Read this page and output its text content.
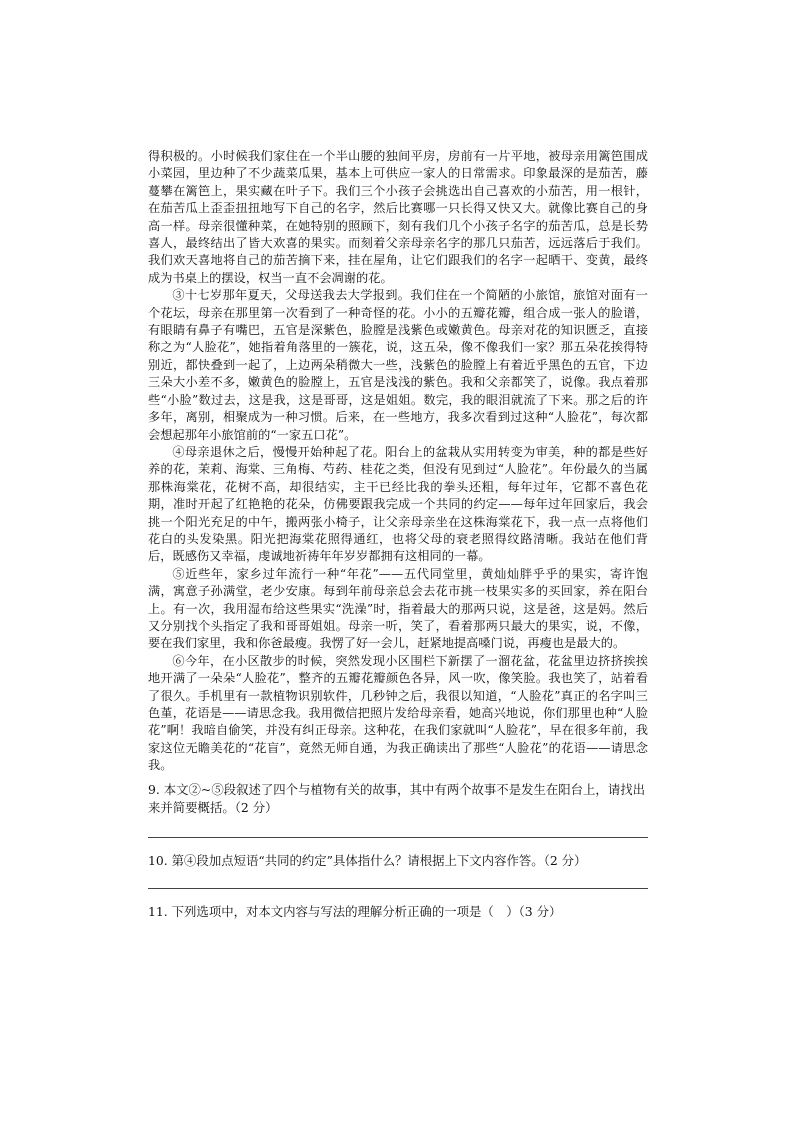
得积极的。小时候我们家住在一个半山腰的独间平房，房前有一片平地，被母亲用篱笆围成小菜园，里边种了不少蔬菜瓜果，基本上可供应一家人的日常需求。印象最深的是茄苦，藤蔓攀在篱笆上，果实藏在叶子下。我们三个小孩子会挑选出自己喜欢的小茄苦，用一根针，在茄苦瓜上歪歪扭扭地写下自己的名字，然后比赛哪一只长得又快又大。就像比赛自己的身高一样。母亲很懂种菜，在她特别的照顾下，刻有我们几个小孩子名字的茄苦瓜，总是长势喜人，最终结出了皆大欢喜的果实。而刻着父亲母亲名字的那几只茄苦，远远落后于我们。我们欢天喜地将自己的茄苦摘下来，挂在屋角，让它们跟我们的名字一起晒干、变黄，最终成为书桌上的摆设，权当一直不会凋谢的花。

③十七岁那年夏天，父母送我去大学报到。我们住在一个简陋的小旅馆，旅馆对面有一个花坛，母亲在那里第一次看到了一种奇怪的花。小小的五瓣花瓣，组合成一张人的脸谱，有眼睛有鼻子有嘴巴，五官是深紫色，脸膛是浅紫色或嫩黄色。母亲对花的知识匮乏，直接称之为“人脸花”，她指着角落里的一簇花，说，这五朵，像不像我们一家？那五朵花挨得特别近，都快叠到一起了，上边两朵稍微大一些，浅紫色的脸膛上有着近乎黑色的五官，下边三朵大小差不多，嫩黄色的脸膛上，五官是浅浅的紫色。我和父亲都笑了，说像。我点着那些“小脸”数过去，这是我，这是哥哥，这是姐姐。数完，我的眼泪就流了下来。那之后的许多年，离别，相聚成为一种习惯。后来，在一些地方，我多次看到过这种“人脸花”，每次都会想起那年小旅馆前的“一家五口花”。

④母亲退休之后，慢慢开始种起了花。阳台上的盆栽从实用转变为审美，种的都是些好养的花，茉莉、海棠、三角梅、芍药、桂花之类，但没有见到过“人脸花”。年份最久的当属那株海棠花，花树不高，却很结实，主干已经比我的拳头还粗，每年过年，它都不喜色花期，准时开起了红艳艳的花朵，仿佛要跟我完成一个共同的约定——每年过年回家后，我会挑一个阳光充足的中午，搬两张小椅子，让父亲母亲坐在这株海棠花下，我一点一点将他们花白的头发染黑。阳光把海棠花照得通红，也将父母的衰老照得纹路清晰。我站在他们背后，既感伤又幸福，虔诚地祈祷年年岁岁都拥有这相同的一幕。

⑤近些年，家乡过年流行一种“年花”——五代同堂里，黄灿灿胖乎乎的果实，寄许饱满，寓意子孙满堂，老少安康。每到年前母亲总会去花市挑一枝果实多的买回家，养在阳台上。有一次，我用湿布给这些果实“洗澡”时，指着最大的那两只说，这是爸，这是妈。然后又分别找个头指定了我和哥哥姐姐。母亲一听，笑了，看着那两只最大的果实，说，不像，要在我们家里，我和你爸最瘦。我愣了好一会儿，赶紧地提高嗓门说，再瘦也是最大的。

⑥今年，在小区散步的时候，突然发现小区围栏下新摆了一溜花盆，花盆里边挤挤挨挨地开满了一朵朵“人脸花”，整齐的五瓣花瓣颜色各异，风一吹，像笑脸。我也笑了，站着看了很久。手机里有一款植物识别软件，几秒钟之后，我很以知道，“人脸花”真正的名字叫三色堇，花语是——请思念我。我用微信把照片发给母亲看，她高兴地说，你们那里也种“人脸花”啊！我暗自偷笑，并没有纠正母亲。这种花，在我们家就叫“人脸花”，早在很多年前，我家这位无瞻美花的“花盲”，竟然无师自通，为我正确读出了那些“人脸花”的花语——请思念我。

9. 本文②~⑤段叙述了四个与植物有关的故事，其中有两个故事不是发生在阳台上，请找出来并简要概括。（2 分）

10. 第④段加点短语“共同的约定”具体指什么？请根据上下文内容作答。（2 分）

11. 下列选项中，对本文内容与写法的理解分析正确的一项是（　）（3 分）
